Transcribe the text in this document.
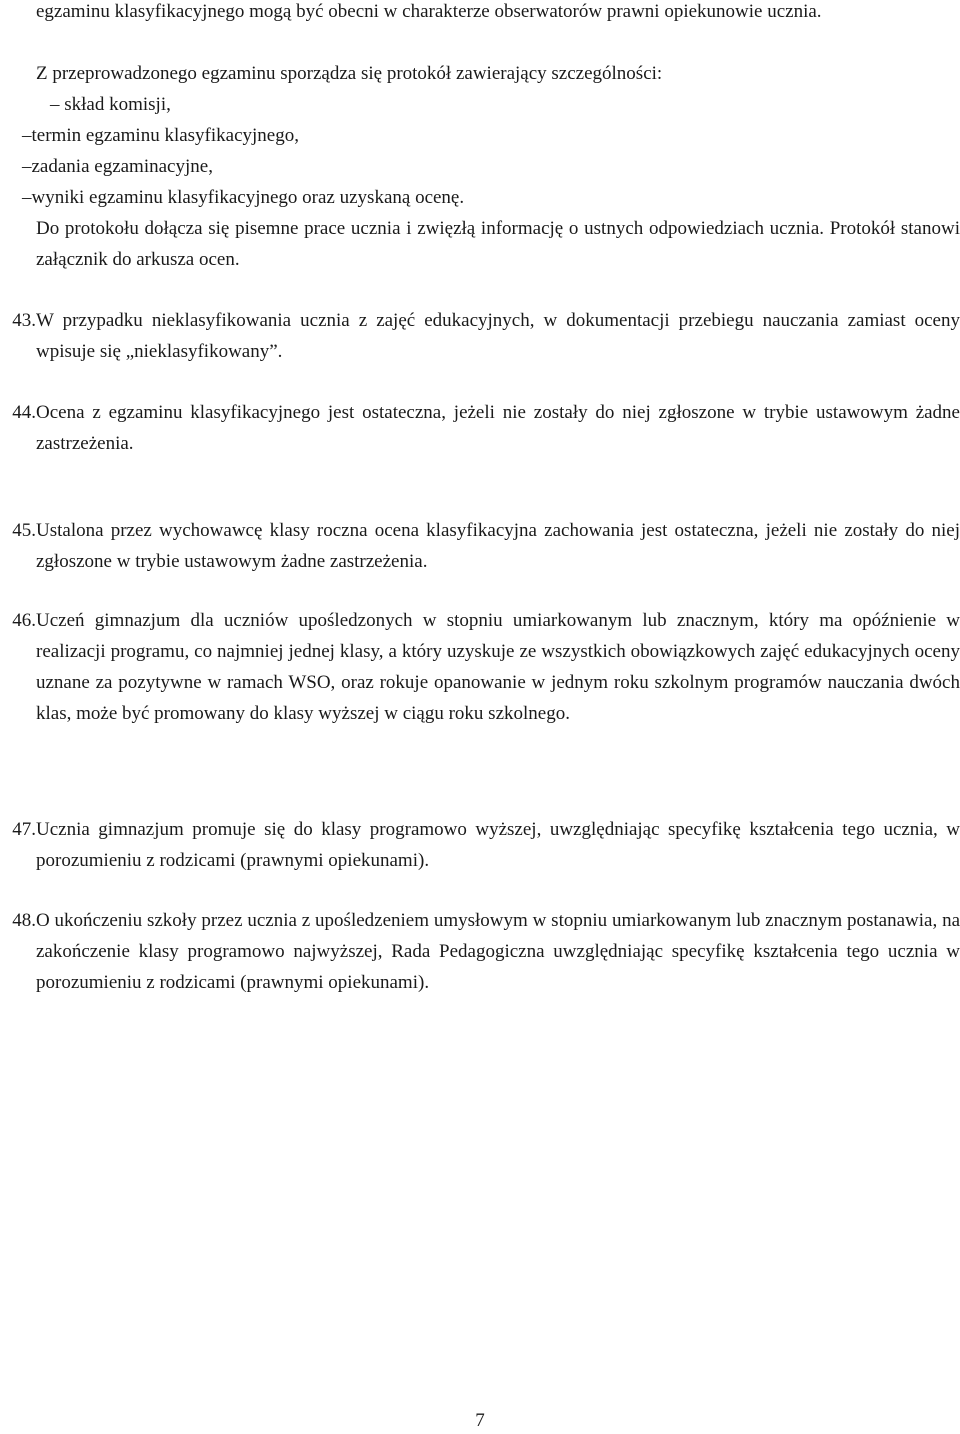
egzaminu klasyfikacyjnego mogą być obecni w charakterze obserwatorów prawni opiekunowie uczniа.

Z przeprowadzonego egzaminu sporządza się protokół zawierający szczególności:

– skład komisji,
–termin egzaminu klasyfikacyjnego,
–zadania egzaminacyjne,
–wyniki egzaminu klasyfikacyjnego oraz uzyskaną ocenę.

Do protokołu dołącza się pisemne prace ucznia i zwięzłą informację o ustnych odpowiedziach ucznia. Protokół stanowi załącznik do arkusza ocen.

43. W przypadku nieklasyfikowania ucznia z zajęć edukacyjnych, w dokumentacji przebiegu nauczania zamiast oceny wpisuje się „nieklasyfikowany”.

44. Ocena z egzaminu klasyfikacyjnego jest ostateczna, jeżeli nie zostały do niej zgłoszone w trybie ustawowym żadne zastrzeżenia.

45. Ustalona przez wychowawcę klasy roczna ocena klasyfikacyjna zachowania jest ostateczna, jeżeli nie zostały do niej zgłoszone w trybie ustawowym żadne zastrzeżenia.

46. Uczeń gimnazjum dla uczniów upośledzonych w stopniu umiarkowanym lub znacznym, który ma opóźnienie w realizacji programu, co najmniej jednej klasy, a który uzyskuje ze wszystkich obowiązkowych zajęć edukacyjnych oceny uznane za pozytywne w ramach WSO, oraz rokuje opanowanie w jednym roku szkolnym programów nauczania dwóch klas, może być promowany do klasy wyższej w ciągu roku szkolnego.

47. Ucznia gimnazjum promuje się do klasy programowo wyższej, uwzględniając specyfikę kształcenia tego ucznia, w porozumieniu z rodzicami (prawnymi opiekunami).

48. O ukończeniu szkoły przez ucznia z upośledzeniem umysłowym w stopniu umiarkowanym lub znacznym postanawia, na zakończenie klasy programowo najwyższej, Rada Pedagogiczna uwzględniając specyfikę kształcenia tego ucznia w porozumieniu z rodzicami (prawnymi opiekunami).

7
